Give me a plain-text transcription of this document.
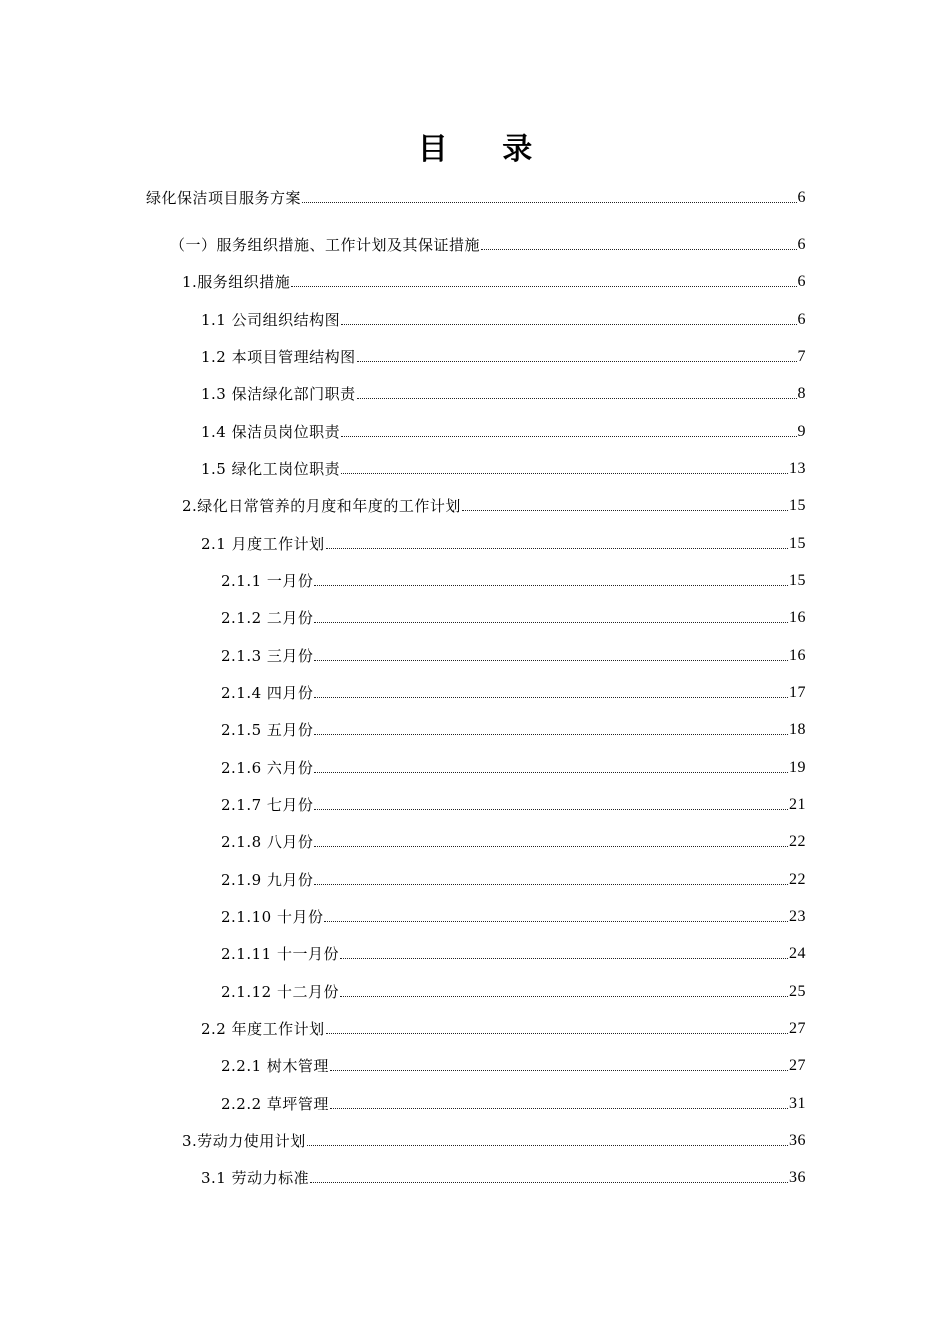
目 录
绿化保洁项目服务方案	6
（一）服务组织措施、工作计划及其保证措施	6
1.服务组织措施	6
1.1 公司组织结构图	6
1.2 本项目管理结构图	7
1.3 保洁绿化部门职责	8
1.4 保洁员岗位职责	9
1.5 绿化工岗位职责	13
2.绿化日常管养的月度和年度的工作计划	15
2.1 月度工作计划	15
2.1.1 一月份	15
2.1.2 二月份	16
2.1.3 三月份	16
2.1.4 四月份	17
2.1.5 五月份	18
2.1.6 六月份	19
2.1.7 七月份	21
2.1.8 八月份	22
2.1.9 九月份	22
2.1.10 十月份	23
2.1.11 十一月份	24
2.1.12 十二月份	25
2.2 年度工作计划	27
2.2.1 树木管理	27
2.2.2 草坪管理	31
3.劳动力使用计划	36
3.1 劳动力标准	36
